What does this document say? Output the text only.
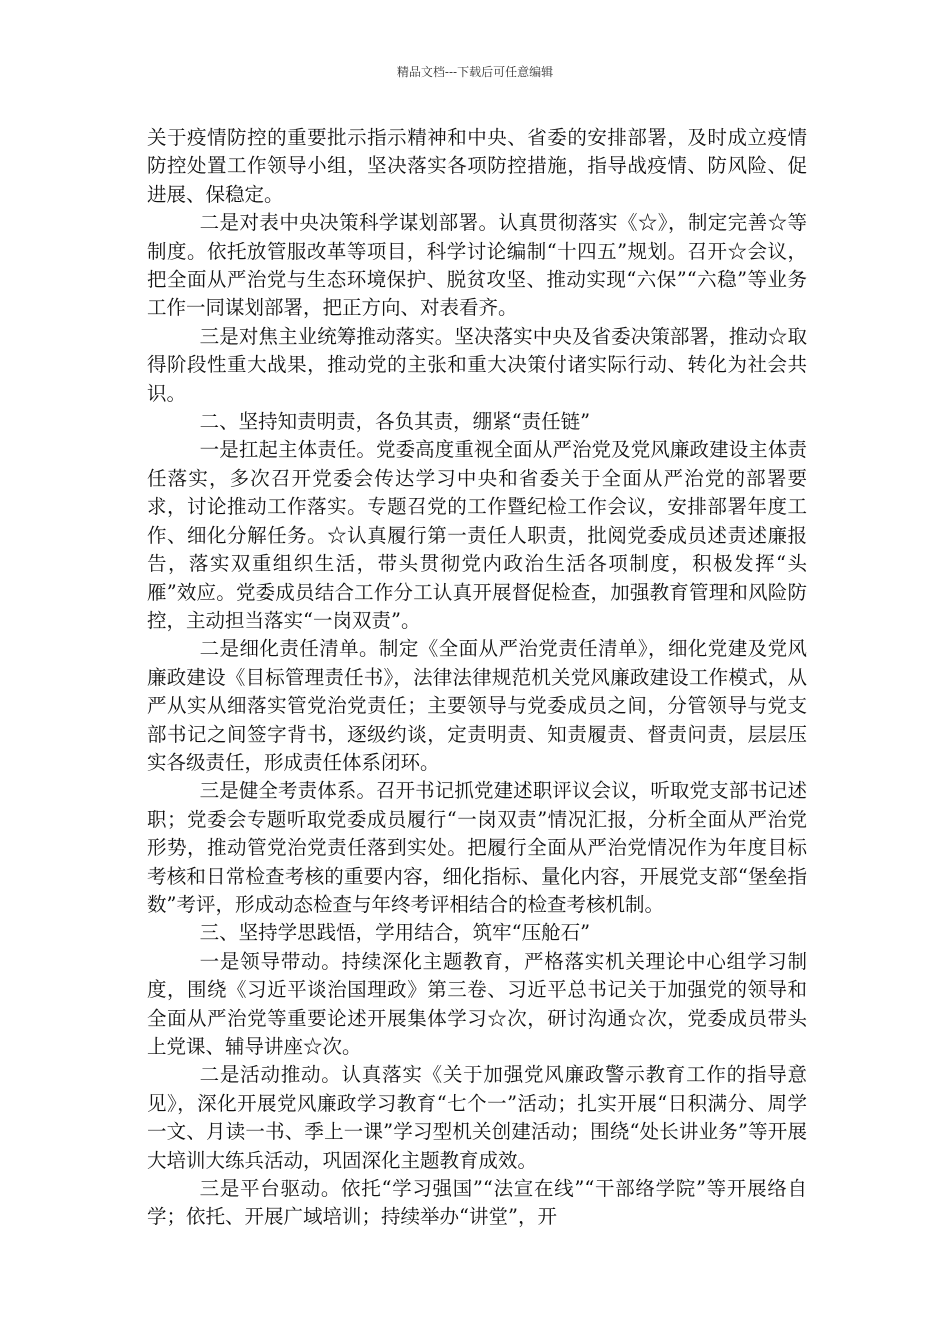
精品文档---下载后可任意编辑

关于疫情防控的重要批示指示精神和中央、省委的安排部署，及时成立疫情防控处置工作领导小组，坚决落实各项防控措施，指导战疫情、防风险、促进展、保稳定。

二是对表中央决策科学谋划部署。认真贯彻落实《☆》，制定完善☆等制度。依托放管服改革等项目，科学讨论编制“十四五”规划。召开☆会议，把全面从严治党与生态环境保护、脱贫攻坚、推动实现“六保”“六稳”等业务工作一同谋划部署，把正方向、对表看齐。

三是对焦主业统筹推动落实。坚决落实中央及省委决策部署，推动☆取得阶段性重大战果，推动党的主张和重大决策付诸实际行动、转化为社会共识。

二、坚持知责明责，各负其责，绷紧“责任链”

一是扛起主体责任。党委高度重视全面从严治党及党风廉政建设主体责任落实，多次召开党委会传达学习中央和省委关于全面从严治党的部署要求，讨论推动工作落实。专题召党的工作暨纪检工作会议，安排部署年度工作、细化分解任务。☆认真履行第一责任人职责，批阅党委成员述责述廉报告，落实双重组织生活，带头贯彻党内政治生活各项制度，积极发挥“头雁”效应。党委成员结合工作分工认真开展督促检查，加强教育管理和风险防控，主动担当落实“一岗双责”。

二是细化责任清单。制定《全面从严治党责任清单》，细化党建及党风廉政建设《目标管理责任书》，法律法律规范机关党风廉政建设工作模式，从严从实从细落实管党治党责任；主要领导与党委成员之间，分管领导与党支部书记之间签字背书，逐级约谈，定责明责、知责履责、督责问责，层层压实各级责任，形成责任体系闭环。

三是健全考责体系。召开书记抓党建述职评议会议，听取党支部书记述职；党委会专题听取党委成员履行“一岗双责”情况汇报，分析全面从严治党形势，推动管党治党责任落到实处。把履行全面从严治党情况作为年度目标考核和日常检查考核的重要内容，细化指标、量化内容，开展党支部“堡垒指数”考评，形成动态检查与年终考评相结合的检查考核机制。

三、坚持学思践悟，学用结合，筑牢“压舱石”

一是领导带动。持续深化主题教育，严格落实机关理论中心组学习制度，围绕《习近平谈治国理政》第三卷、习近平总书记关于加强党的领导和全面从严治党等重要论述开展集体学习☆次，研讨沟通☆次，党委成员带头上党课、辅导讲座☆次。

二是活动推动。认真落实《关于加强党风廉政警示教育工作的指导意见》，深化开展党风廉政学习教育“七个一”活动；扎实开展“日积满分、周学一文、月读一书、季上一课”学习型机关创建活动；围绕“处长讲业务”等开展大培训大练兵活动，巩固深化主题教育成效。

三是平台驱动。依托“学习强国”“法宣在线”“干部络学院”等开展络自学；依托、开展广域培训；持续举办“讲堂”，开
